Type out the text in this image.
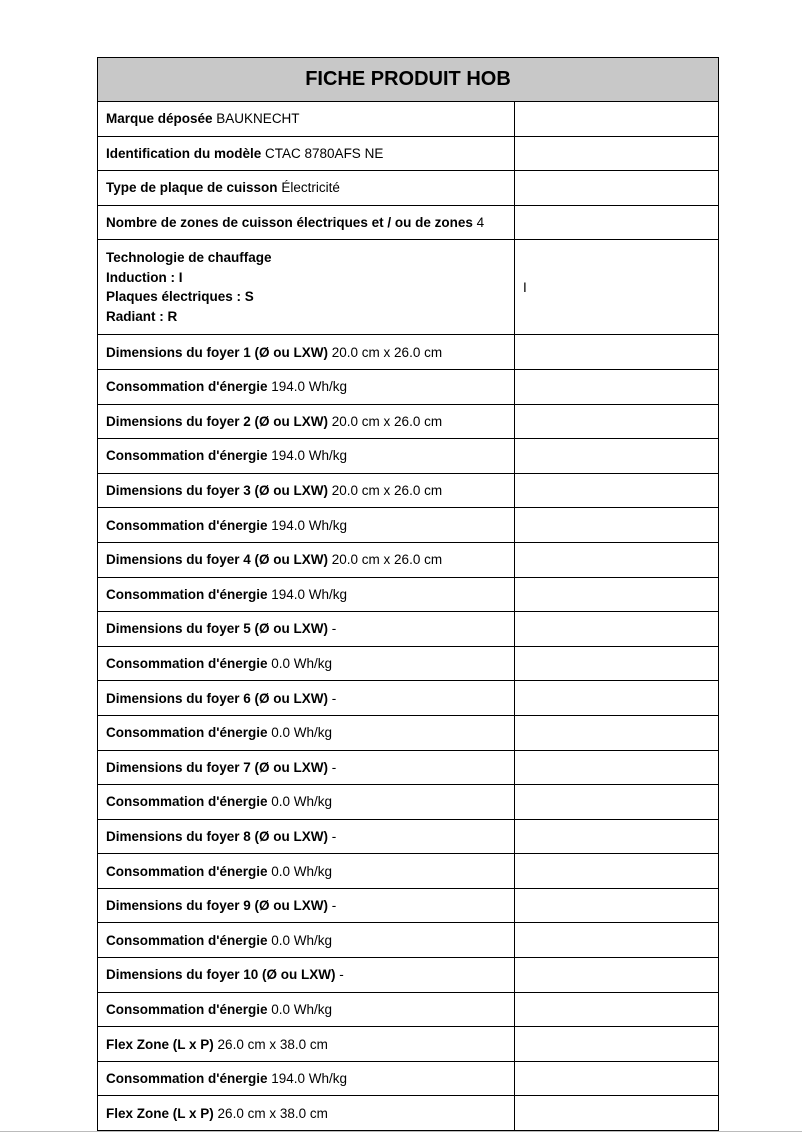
FICHE PRODUIT HOB	
Marque déposée BAUKNECHT	
Identification du modèle CTAC 8780AFS NE	
Type de plaque de cuisson Électricité	
Nombre de zones de cuisson électriques et / ou de zones 4	

Technologie de chauffage
Induction : I
Plaques électriques : S
Radiant : R	I
Dimensions du foyer 1 (Ø ou LXW) 20.0 cm x 26.0 cm	
Consommation d'énergie 194.0 Wh/kg	
Dimensions du foyer 2 (Ø ou LXW) 20.0 cm x 26.0 cm	
Consommation d'énergie 194.0 Wh/kg	
Dimensions du foyer 3 (Ø ou LXW) 20.0 cm x 26.0 cm	
Consommation d'énergie 194.0 Wh/kg	
Dimensions du foyer 4 (Ø ou LXW) 20.0 cm x 26.0 cm	
Consommation d'énergie 194.0 Wh/kg	
Dimensions du foyer 5 (Ø ou LXW) -	
Consommation d'énergie 0.0 Wh/kg	
Dimensions du foyer 6 (Ø ou LXW) -	
Consommation d'énergie 0.0 Wh/kg	
Dimensions du foyer 7 (Ø ou LXW) -	
Consommation d'énergie 0.0 Wh/kg	
Dimensions du foyer 8 (Ø ou LXW) -	
Consommation d'énergie 0.0 Wh/kg	
Dimensions du foyer 9 (Ø ou LXW) -	
Consommation d'énergie 0.0 Wh/kg	
Dimensions du foyer 10 (Ø ou LXW) -	
Consommation d'énergie 0.0 Wh/kg	
Flex Zone (L x P) 26.0 cm x 38.0 cm	
Consommation d'énergie 194.0 Wh/kg	
Flex Zone (L x P) 26.0 cm x 38.0 cm	
